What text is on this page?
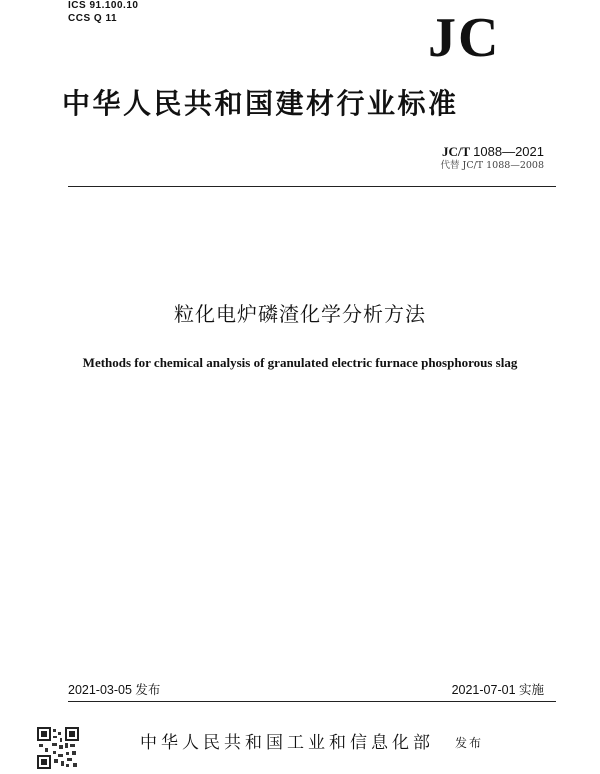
ICS 91.100.10
CCS Q 11	JC
中华人民共和国建材行业标准
JC/T 1088—2021
代替 JC/T 1088—2008
粒化电炉磷渣化学分析方法
Methods for chemical analysis of granulated electric furnace phosphorous slag
2021-03-05 发布	2021-07-01 实施
中华人民共和国工业和信息化部 发布
